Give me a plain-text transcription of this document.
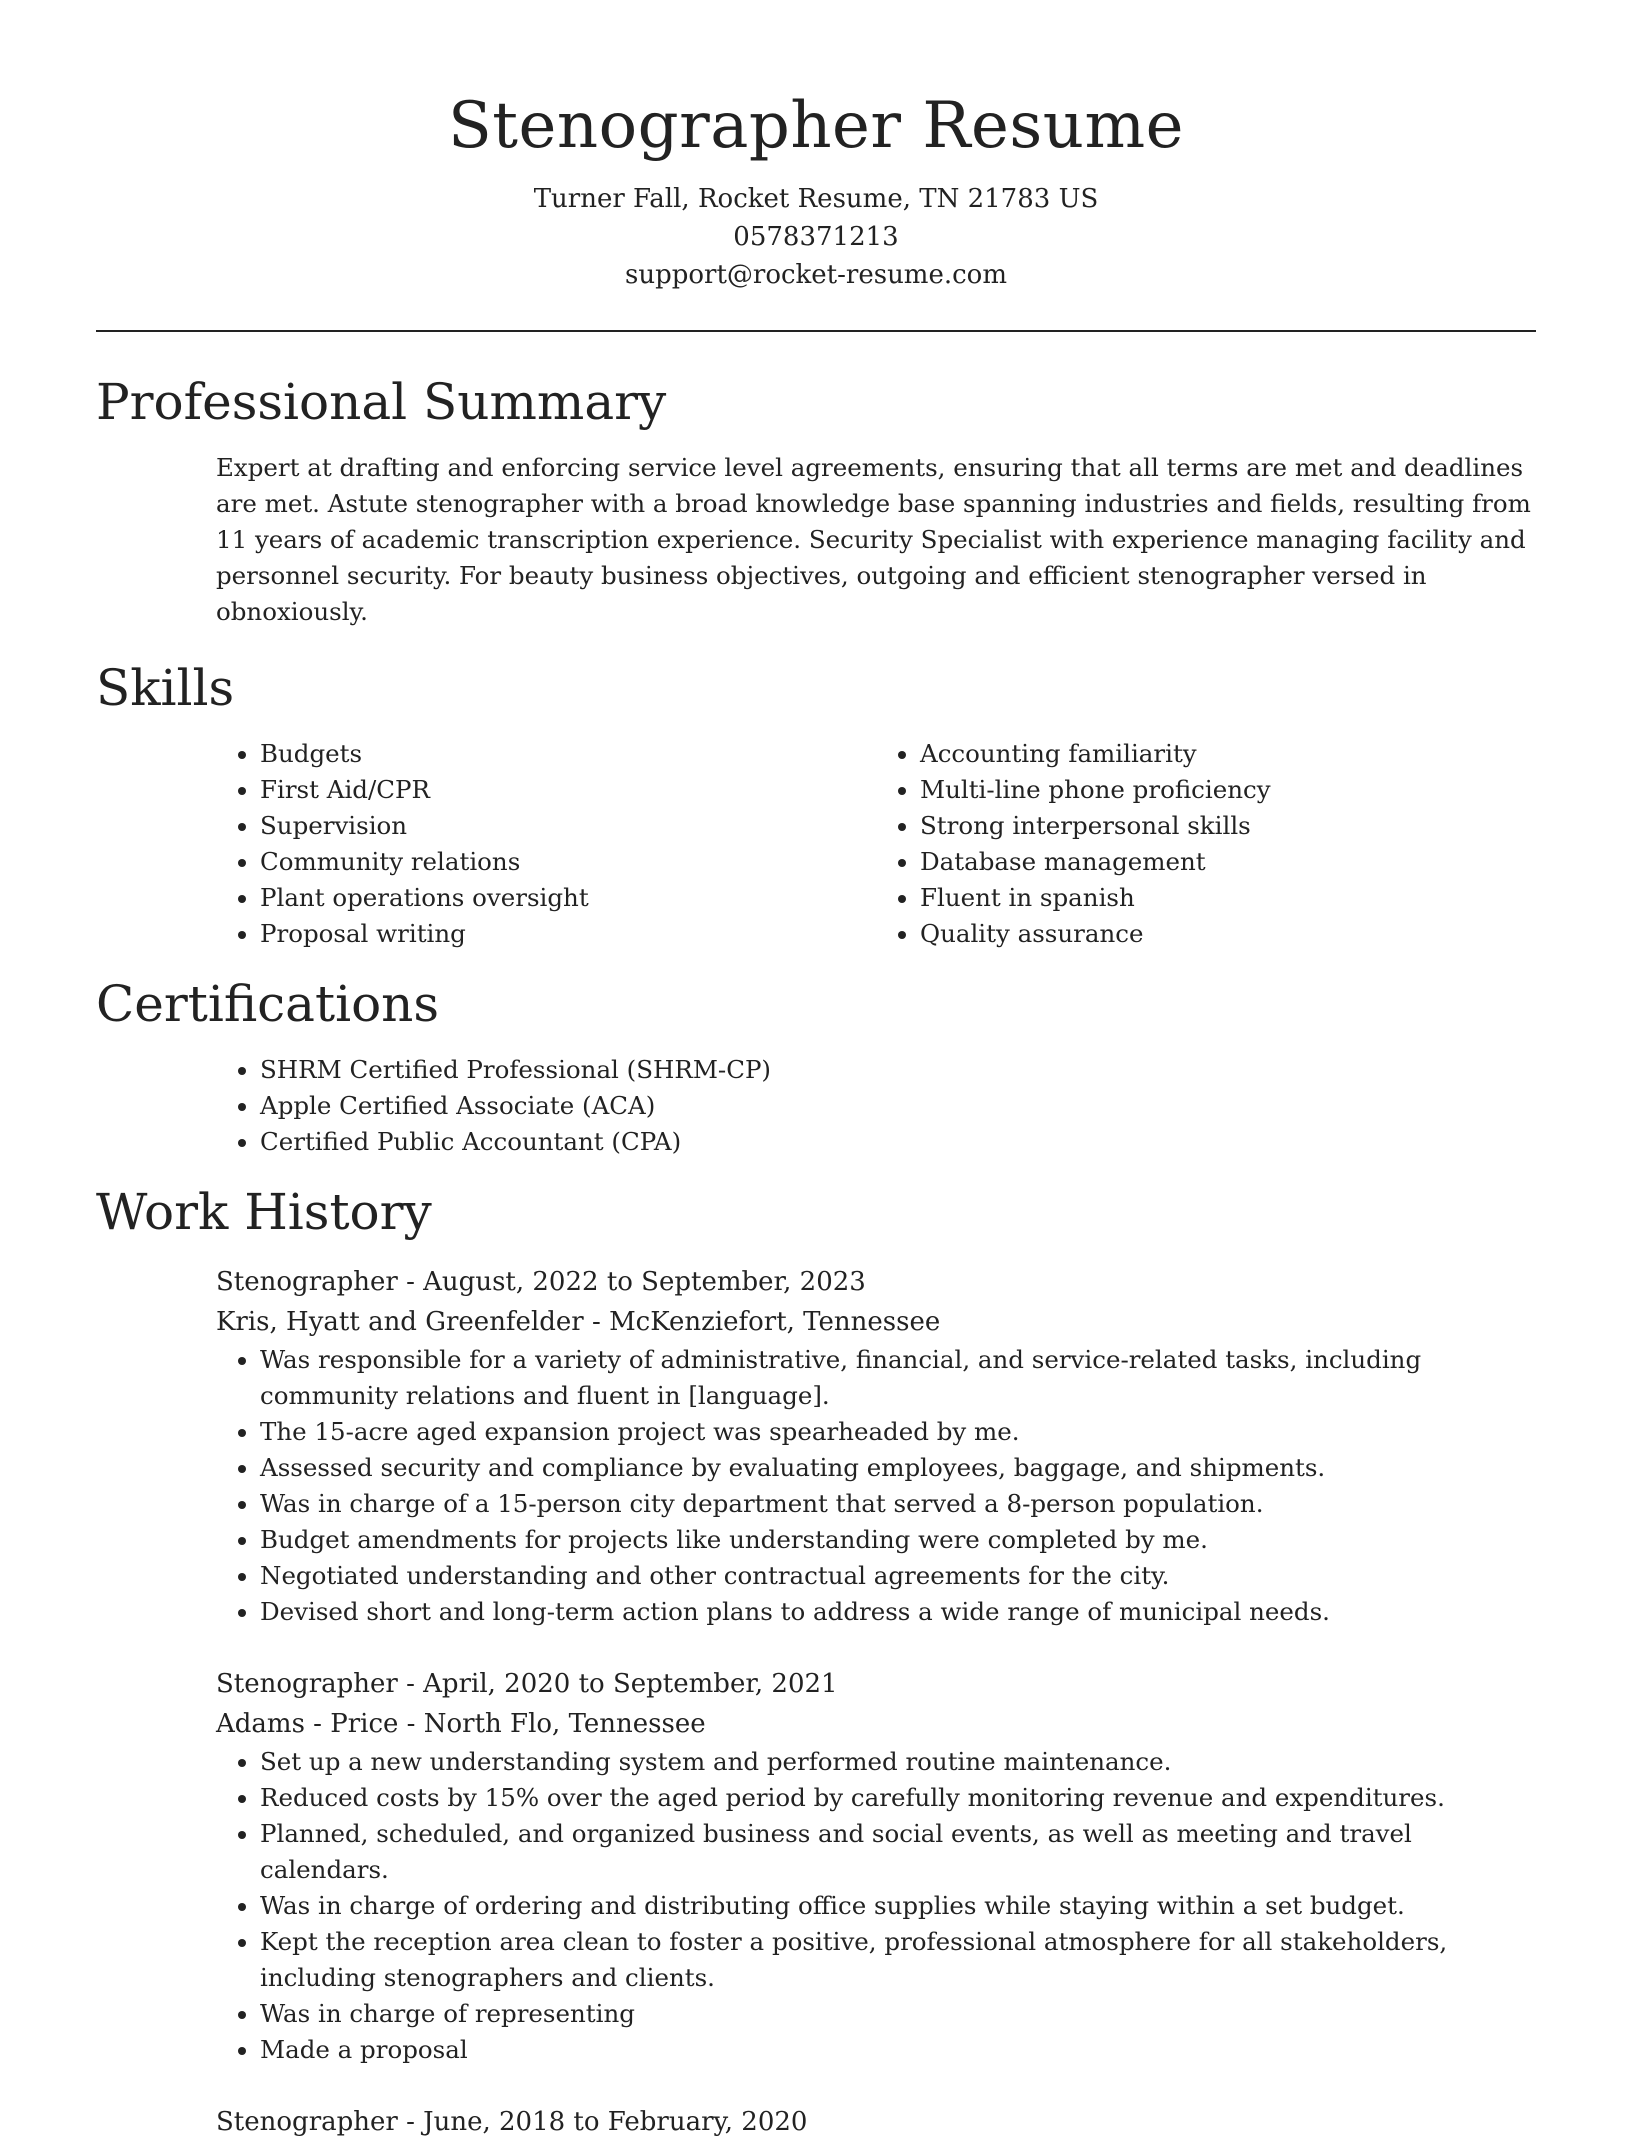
Stenographer Resume

Turner Fall, Rocket Resume, TN 21783 US

0578371213

support@rocket-resume.com

Professional Summary

Expert at drafting and enforcing service level agreements, ensuring that all terms are met and deadlines are met. Astute stenographer with a broad knowledge base spanning industries and fields, resulting from 11 years of academic transcription experience. Security Specialist with experience managing facility and personnel security. For beauty business objectives, outgoing and efficient stenographer versed in obnoxiously.

Skills
• Budgets
• First Aid/CPR
• Supervision
• Community relations
• Plant operations oversight
• Proposal writing
• Accounting familiarity
• Multi-line phone proficiency
• Strong interpersonal skills
• Database management
• Fluent in spanish
• Quality assurance
Certifications
• SHRM Certified Professional (SHRM-CP)
• Apple Certified Associate (ACA)
• Certified Public Accountant (CPA)
Work History
Stenographer - August, 2022 to September, 2023
Kris, Hyatt and Greenfelder - McKenziefort, Tennessee
• Was responsible for a variety of administrative, financial, and service-related tasks, including community relations and fluent in [language].
• The 15-acre aged expansion project was spearheaded by me.
• Assessed security and compliance by evaluating employees, baggage, and shipments.
• Was in charge of a 15-person city department that served a 8-person population.
• Budget amendments for projects like understanding were completed by me.
• Negotiated understanding and other contractual agreements for the city.
• Devised short and long-term action plans to address a wide range of municipal needs.
Stenographer - April, 2020 to September, 2021
Adams - Price - North Flo, Tennessee
• Set up a new understanding system and performed routine maintenance.
• Reduced costs by 15% over the aged period by carefully monitoring revenue and expenditures.
• Planned, scheduled, and organized business and social events, as well as meeting and travel calendars.
• Was in charge of ordering and distributing office supplies while staying within a set budget.
• Kept the reception area clean to foster a positive, professional atmosphere for all stakeholders, including stenographers and clients.
• Was in charge of representing
• Made a proposal
Stenographer - June, 2018 to February, 2020
